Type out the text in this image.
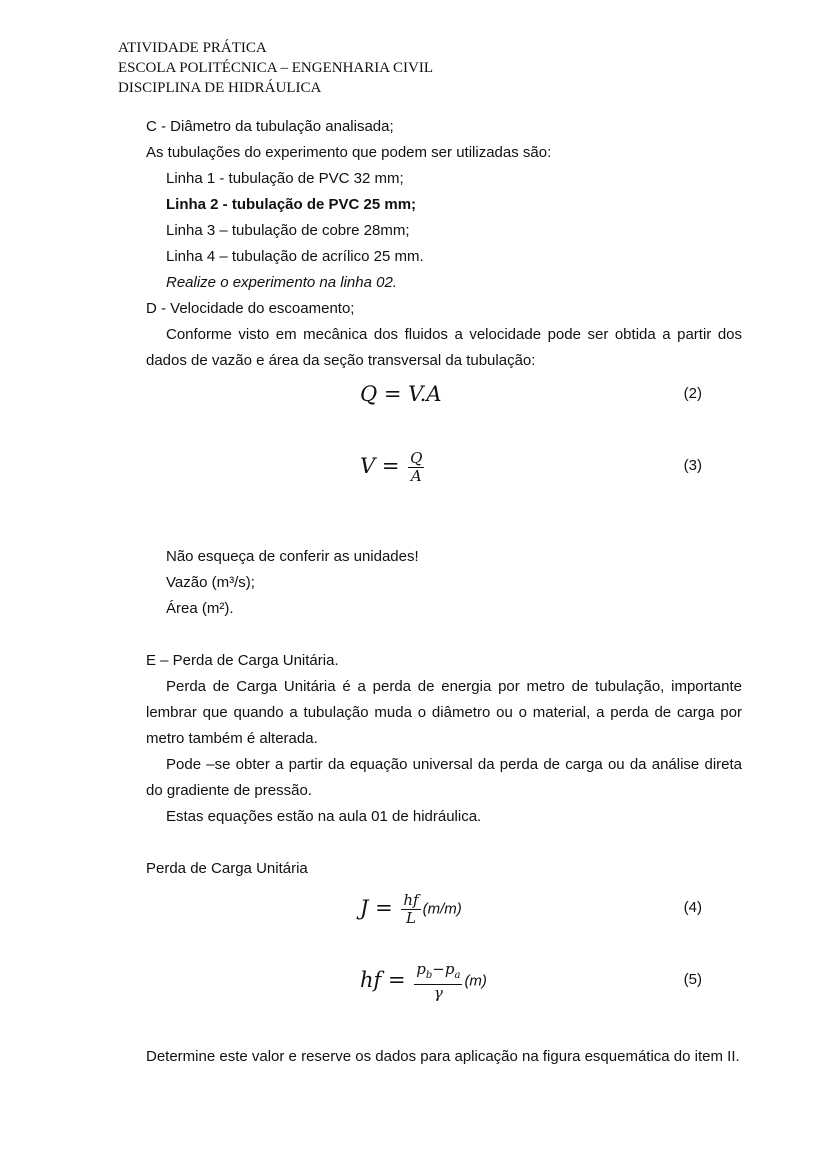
ATIVIDADE PRÁTICA
ESCOLA POLITÉCNICA – ENGENHARIA CIVIL
DISCIPLINA DE HIDRÁULICA

C - Diâmetro da tubulação analisada;

As tubulações do experimento que podem ser utilizadas são:

Linha 1 - tubulação de PVC 32 mm;

Linha 2 - tubulação de PVC 25 mm;

Linha 3 – tubulação de cobre 28mm;

Linha 4 – tubulação de acrílico 25 mm.

Realize o experimento na linha 02.

D - Velocidade do escoamento;

Conforme visto em mecânica dos fluidos a velocidade pode ser obtida a partir dos dados de vazão e área da seção transversal da tubulação:

Q = V.A	(2)
$V = \frac{Q}{A}$	(3)

Não esqueça de conferir as unidades!

Vazão (m³/s);

Área (m²).

E – Perda de Carga Unitária.

Perda de Carga Unitária é a perda de energia por metro de tubulação, importante lembrar que quando a tubulação muda o diâmetro ou o material, a perda de carga por metro também é alterada.

Pode –se obter a partir da equação universal da perda de carga ou da análise direta do gradiente de pressão.

Estas equações estão na aula 01 de hidráulica.

Perda de Carga Unitária

$J = \frac{hf}{L} (m/m)$	(4)
hf = $\frac{p_b-p_a}{\gamma} (m)$	(5)

Determine este valor e reserve os dados para aplicação na figura esquemática do item II.
